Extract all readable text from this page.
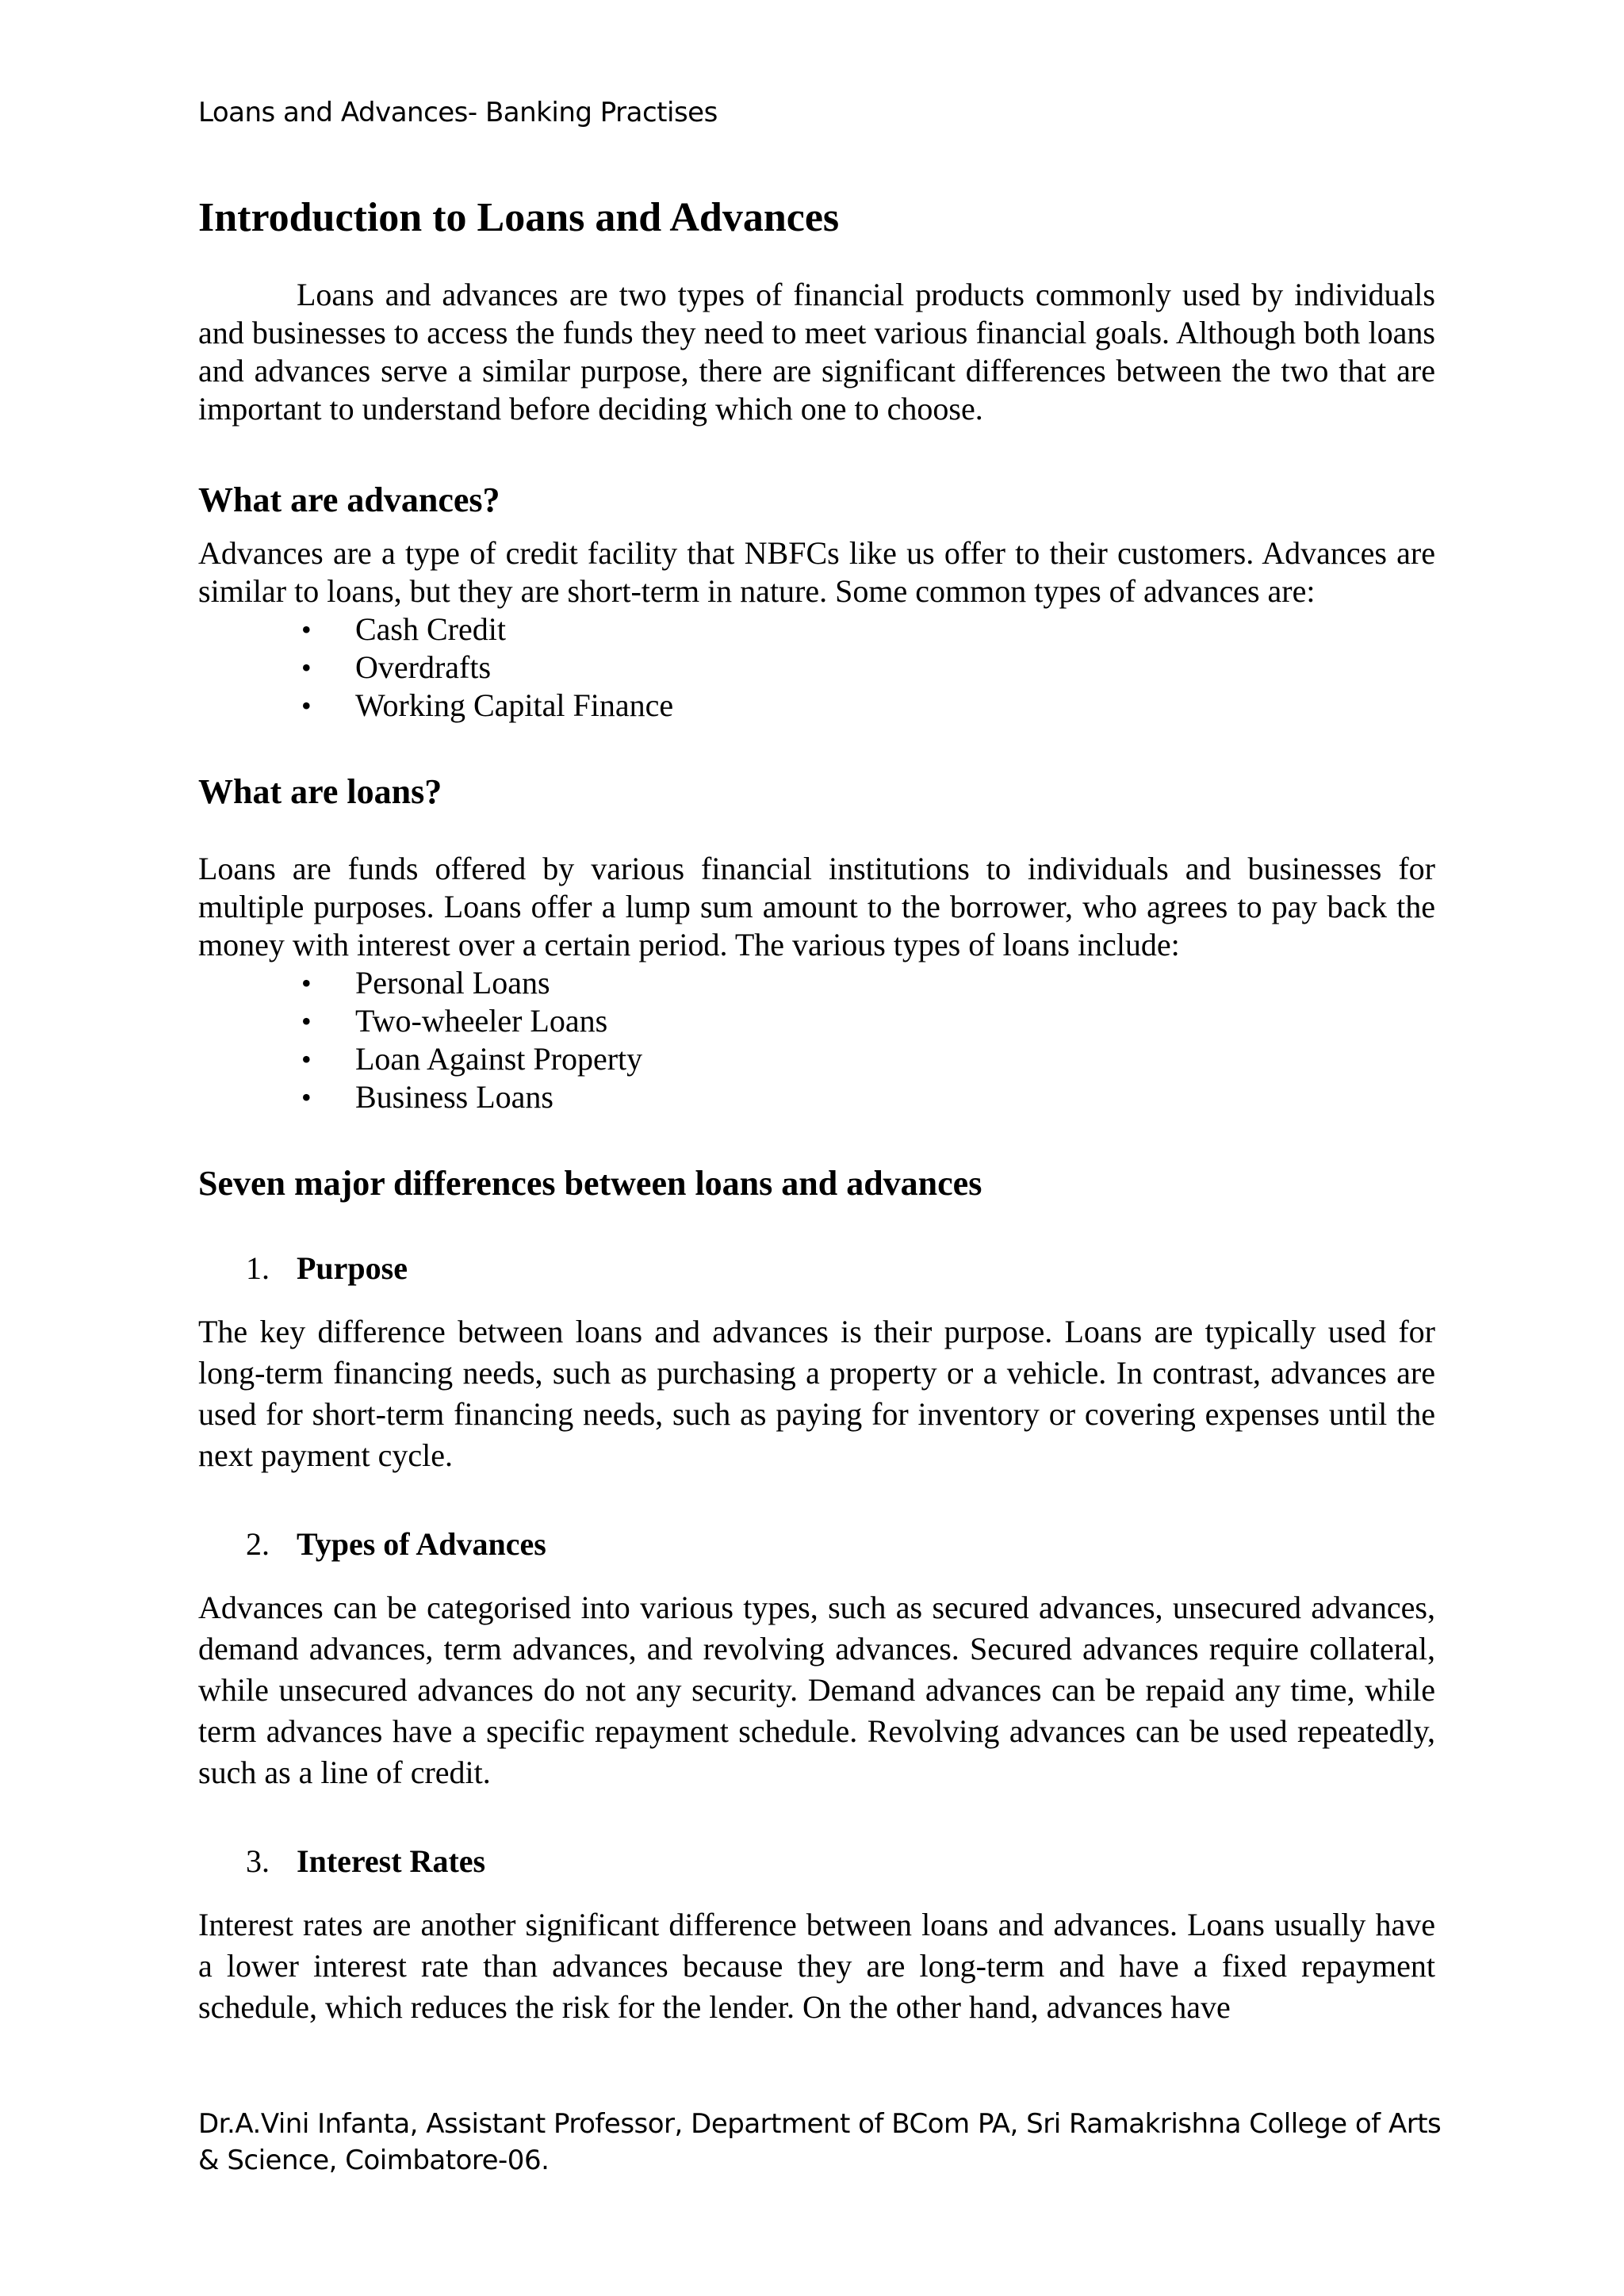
Loans and Advances- Banking Practises
Introduction to Loans and Advances

Loans and advances are two types of financial products commonly used by individuals and businesses to access the funds they need to meet various financial goals. Although both loans and advances serve a similar purpose, there are significant differences between the two that are important to understand before deciding which one to choose.

What are advances?

Advances are a type of credit facility that NBFCs like us offer to their customers. Advances are similar to loans, but they are short-term in nature. Some common types of advances are:

• Cash Credit
• Overdrafts
• Working Capital Finance
What are loans?

Loans are funds offered by various financial institutions to individuals and businesses for multiple purposes. Loans offer a lump sum amount to the borrower, who agrees to pay back the money with interest over a certain period. The various types of loans include:

• Personal Loans
• Two-wheeler Loans
• Loan Against Property
• Business Loans
Seven major differences between loans and advances
1. Purpose

The key difference between loans and advances is their purpose. Loans are typically used for long-term financing needs, such as purchasing a property or a vehicle. In contrast, advances are used for short-term financing needs, such as paying for inventory or covering expenses until the next payment cycle.

2. Types of Advances

Advances can be categorised into various types, such as secured advances, unsecured advances, demand advances, term advances, and revolving advances. Secured advances require collateral, while unsecured advances do not any security. Demand advances can be repaid any time, while term advances have a specific repayment schedule. Revolving advances can be used repeatedly, such as a line of credit.

3. Interest Rates

Interest rates are another significant difference between loans and advances. Loans usually have a lower interest rate than advances because they are long-term and have a fixed repayment schedule, which reduces the risk for the lender. On the other hand, advances have

Dr.A.Vini Infanta, Assistant Professor, Department of BCom PA, Sri Ramakrishna College of Arts & Science, Coimbatore-06.
